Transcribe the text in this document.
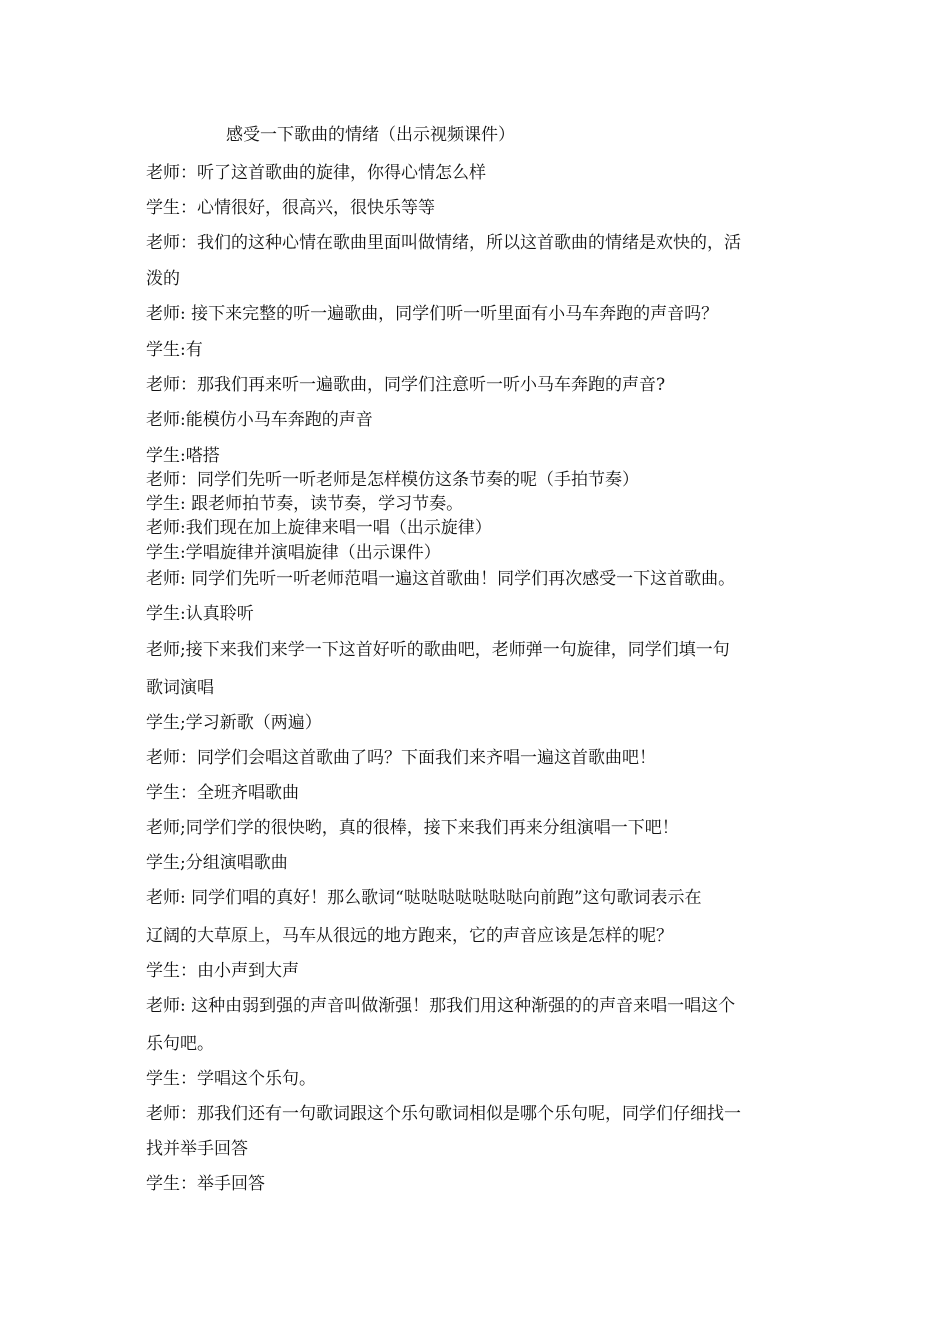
感受一下歌曲的情绪（出示视频课件）
老师：听了这首歌曲的旋律，你得心情怎么样
学生：心情很好，很高兴，很快乐等等
老师：我们的这种心情在歌曲里面叫做情绪，所以这首歌曲的情绪是欢快的，活
泼的
老师: 接下来完整的听一遍歌曲，同学们听一听里面有小马车奔跑的声音吗？
学生:有
老师：那我们再来听一遍歌曲，同学们注意听一听小马车奔跑的声音?
老师:能模仿小马车奔跑的声音
学生:嗒搭
老师：同学们先听一听老师是怎样模仿这条节奏的呢（手拍节奏）
学生: 跟老师拍节奏，读节奏，学习节奏。
老师:我们现在加上旋律来唱一唱（出示旋律）
学生:学唱旋律并演唱旋律（出示课件）
老师: 同学们先听一听老师范唱一遍这首歌曲！同学们再次感受一下这首歌曲。
学生:认真聆听
老师;接下来我们来学一下这首好听的歌曲吧，老师弹一句旋律，同学们填一句
歌词演唱
学生;学习新歌（两遍）
老师：同学们会唱这首歌曲了吗？下面我们来齐唱一遍这首歌曲吧！
学生：全班齐唱歌曲
老师;同学们学的很快哟，真的很棒，接下来我们再来分组演唱一下吧！
学生;分组演唱歌曲
老师: 同学们唱的真好！那么歌词“哒哒哒哒哒哒哒向前跑”这句歌词表示在
辽阔的大草原上，马车从很远的地方跑来，它的声音应该是怎样的呢？
学生：由小声到大声
老师: 这种由弱到强的声音叫做渐强！那我们用这种渐强的的声音来唱一唱这个
乐句吧。
学生：学唱这个乐句。
老师：那我们还有一句歌词跟这个乐句歌词相似是哪个乐句呢，同学们仔细找一
找并举手回答
学生：举手回答
